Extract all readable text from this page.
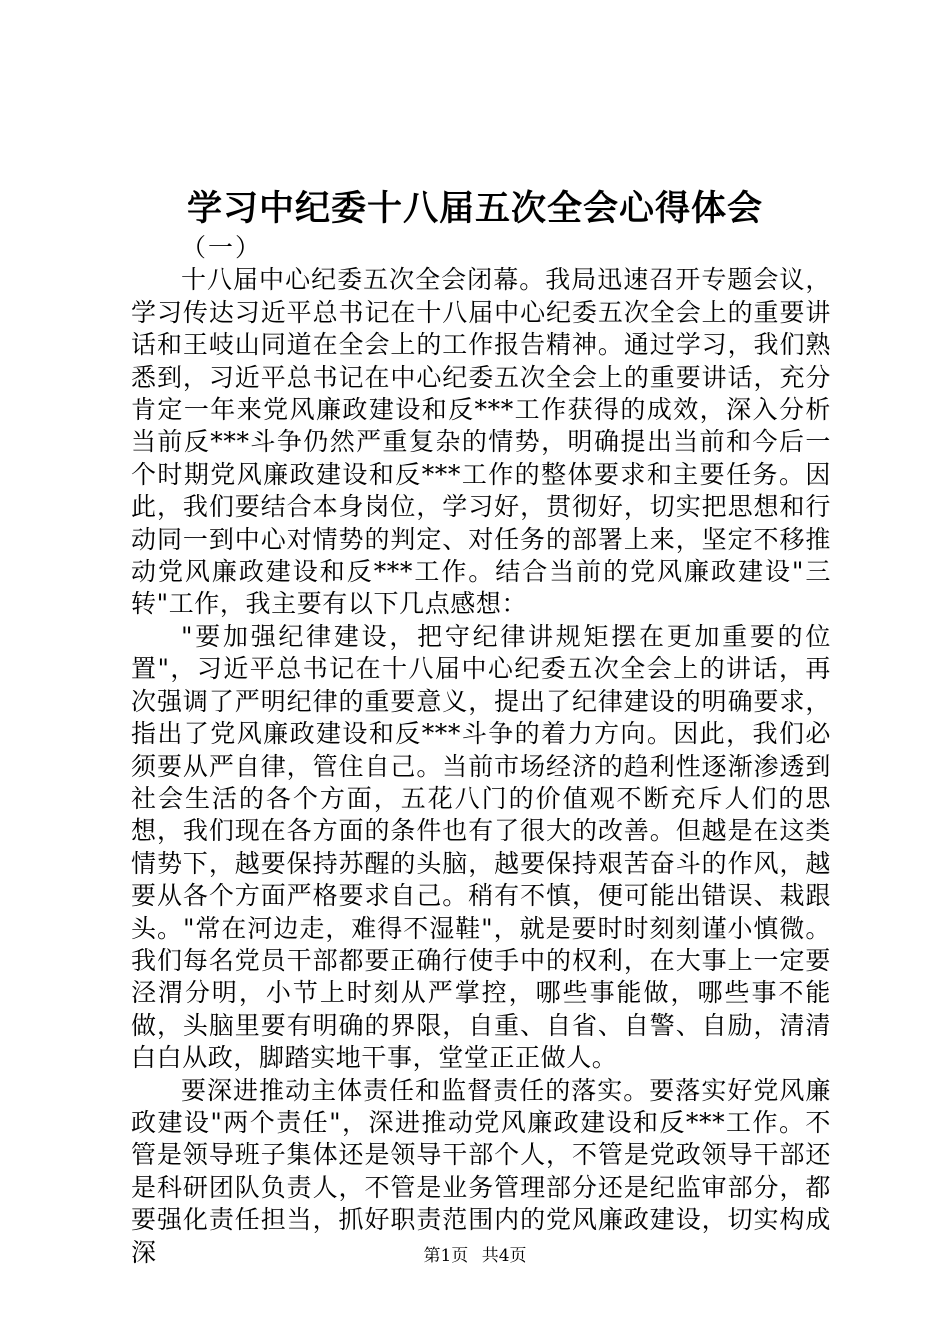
学习中纪委十八届五次全会心得体会

（一）

十八届中心纪委五次全会闭幕。我局迅速召开专题会议，学习传达习近平总书记在十八届中心纪委五次全会上的重要讲话和王岐山同道在全会上的工作报告精神。通过学习，我们熟悉到，习近平总书记在中心纪委五次全会上的重要讲话，充分肯定一年来党风廉政建设和反***工作获得的成效，深入分析当前反***斗争仍然严重复杂的情势，明确提出当前和今后一个时期党风廉政建设和反***工作的整体要求和主要任务。因此，我们要结合本身岗位，学习好，贯彻好，切实把思想和行动同一到中心对情势的判定、对任务的部署上来，坚定不移推动党风廉政建设和反***工作。结合当前的党风廉政建设"三转"工作，我主要有以下几点感想：

"要加强纪律建设，把守纪律讲规矩摆在更加重要的位置"，习近平总书记在十八届中心纪委五次全会上的讲话，再次强调了严明纪律的重要意义，提出了纪律建设的明确要求，指出了党风廉政建设和反***斗争的着力方向。因此，我们必须要从严自律，管住自己。当前市场经济的趋利性逐渐渗透到社会生活的各个方面，五花八门的价值观不断充斥人们的思想，我们现在各方面的条件也有了很大的改善。但越是在这类情势下，越要保持苏醒的头脑，越要保持艰苦奋斗的作风，越要从各个方面严格要求自己。稍有不慎，便可能出错误、栽跟头。"常在河边走，难得不湿鞋"，就是要时时刻刻谨小慎微。我们每名党员干部都要正确行使手中的权利，在大事上一定要泾渭分明，小节上时刻从严掌控，哪些事能做，哪些事不能做，头脑里要有明确的界限，自重、自省、自警、自励，清清白白从政，脚踏实地干事，堂堂正正做人。

要深进推动主体责任和监督责任的落实。要落实好党风廉政建设"两个责任"，深进推动党风廉政建设和反***工作。不管是领导班子集体还是领导干部个人，不管是党政领导干部还是科研团队负责人，不管是业务管理部分还是纪监审部分，都要强化责任担当，抓好职责范围内的党风廉政建设，切实构成深	第1页 共4页
